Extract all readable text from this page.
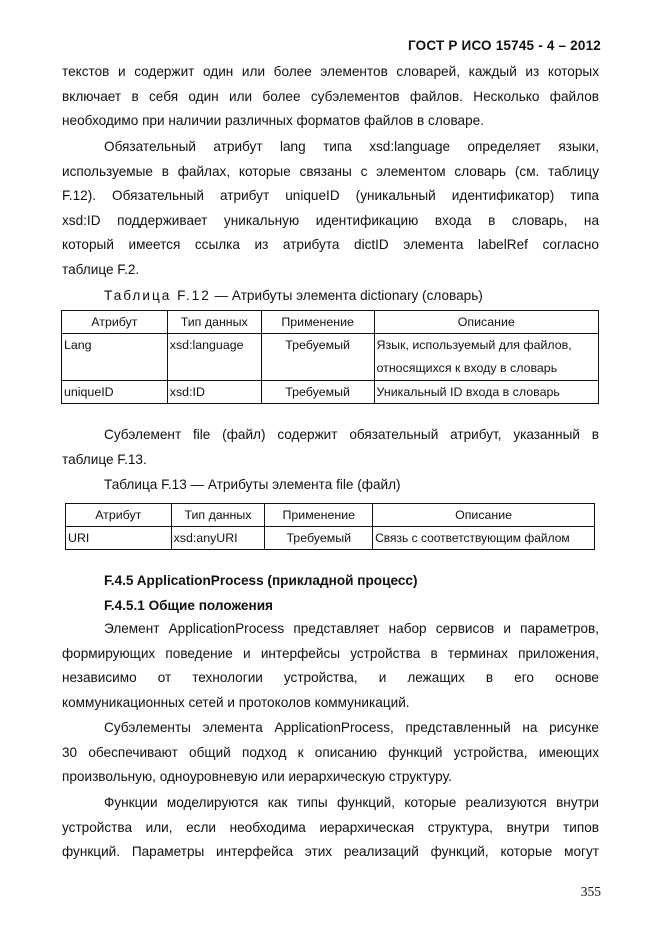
ГОСТ Р ИСО 15745 - 4 – 2012
текстов и содержит один или более элементов словарей, каждый из которых
включает в себя один или более субэлементов файлов. Несколько файлов
необходимо при наличии различных форматов файлов в словаре.
Обязательный атрибут lang типа xsd:language определяет языки,
используемые в файлах, которые связаны с элементом словарь (см. таблицу
F.12). Обязательный атрибут uniqueID (уникальный идентификатор) типа
xsd:ID поддерживает уникальную идентификацию входа в словарь, на
который имеется ссылка из атрибута dictID элемента labelRef согласно
таблице F.2.
Таблица F.12 — Атрибуты элемента dictionary (словарь)
Атрибут	Тип данных	Применение	Описание
Lang	xsd:language	Требуемый	Язык, используемый для файлов,
относящихся к входу в словарь

uniqueID	xsd:ID	Требуемый	Уникальный ID входа в словарь
Субэлемент file (файл) содержит обязательный атрибут, указанный в
таблице F.13.
Таблица F.13 — Атрибуты элемента file (файл)
Атрибут	Тип данных	Применение	Описание
URI	xsd:anyURI	Требуемый	Связь с соответствующим файлом
F.4.5 ApplicationProcess (прикладной процесс)
F.4.5.1 Общие положения
Элемент ApplicationProcess представляет набор сервисов и параметров,
формирующих поведение и интерфейсы устройства в терминах приложения,
независимо от технологии устройства, и лежащих в его основе
коммуникационных сетей и протоколов коммуникаций.
Субэлементы элемента ApplicationProcess, представленный на рисунке
30 обеспечивают общий подход к описанию функций устройства, имеющих
произвольную, одноуровневую или иерархическую структуру.
Функции моделируются как типы функций, которые реализуются внутри
устройства или, если необходима иерархическая структура, внутри типов
функций. Параметры интерфейса этих реализаций функций, которые могут
355
